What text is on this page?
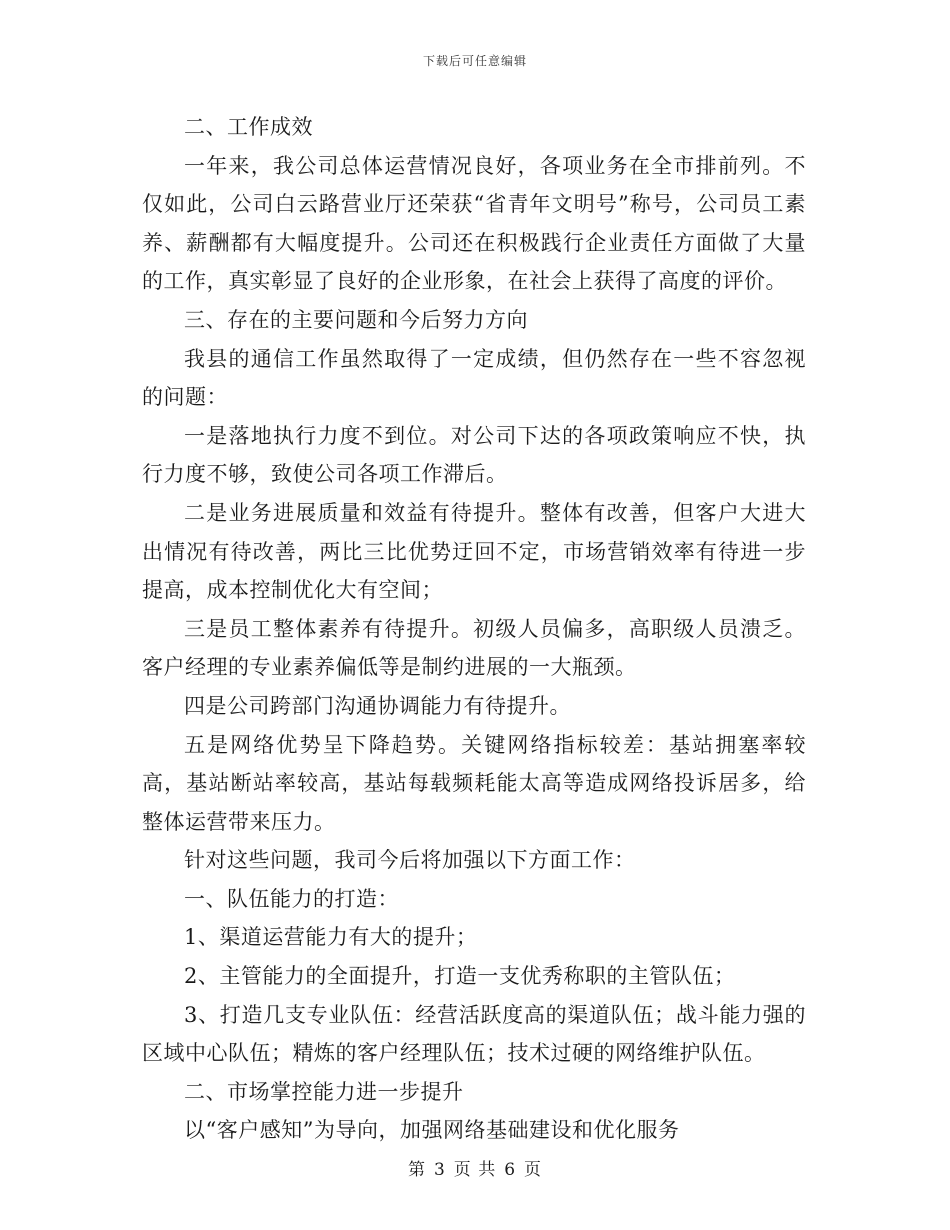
下载后可任意编辑

二、工作成效

一年来，我公司总体运营情况良好，各项业务在全市排前列。不仅如此，公司白云路营业厅还荣获“省青年文明号”称号，公司员工素养、薪酬都有大幅度提升。公司还在积极践行企业责任方面做了大量的工作，真实彰显了良好的企业形象，在社会上获得了高度的评价。

三、存在的主要问题和今后努力方向

我县的通信工作虽然取得了一定成绩，但仍然存在一些不容忽视的问题：

一是落地执行力度不到位。对公司下达的各项政策响应不快，执行力度不够，致使公司各项工作滞后。

二是业务进展质量和效益有待提升。整体有改善，但客户大进大出情况有待改善，两比三比优势迂回不定，市场营销效率有待进一步提高，成本控制优化大有空间；

三是员工整体素养有待提升。初级人员偏多，高职级人员溃乏。客户经理的专业素养偏低等是制约进展的一大瓶颈。

四是公司跨部门沟通协调能力有待提升。

五是网络优势呈下降趋势。关键网络指标较差：基站拥塞率较高，基站断站率较高，基站每载频耗能太高等造成网络投诉居多，给整体运营带来压力。

针对这些问题，我司今后将加强以下方面工作：

一、队伍能力的打造：

1、渠道运营能力有大的提升；

2、主管能力的全面提升，打造一支优秀称职的主管队伍；

3、打造几支专业队伍：经营活跃度高的渠道队伍；战斗能力强的区域中心队伍；精炼的客户经理队伍；技术过硬的网络维护队伍。

二、市场掌控能力进一步提升

以“客户感知”为导向，加强网络基础建设和优化服务

第 3 页 共 6 页
